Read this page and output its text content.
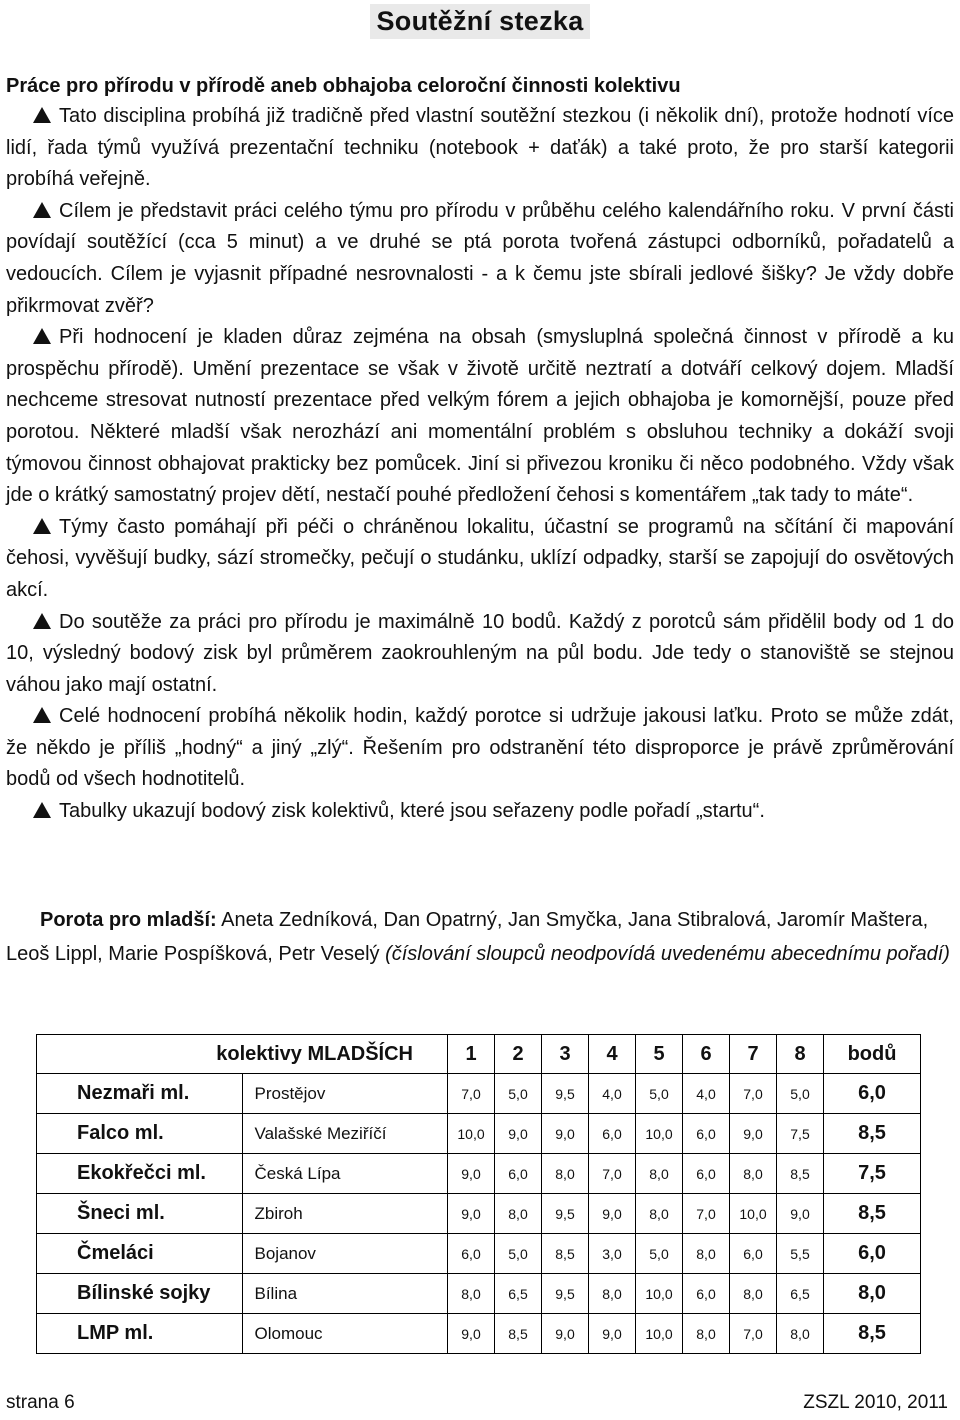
Soutěžní stezka
Práce pro přírodu v přírodě aneb obhajoba celoroční činnosti kolektivu

Tato disciplina probíhá již tradičně před vlastní soutěžní stezkou (i několik dní), protože hodnotí více lidí, řada týmů využívá prezentační techniku (notebook + daťák) a také proto, že pro starší kategorii probíhá veřejně.

Cílem je představit práci celého týmu pro přírodu v průběhu celého kalendářního roku. V první části povídají soutěžící (cca 5 minut) a ve druhé se ptá porota tvořená zástupci odborníků, pořadatelů a vedoucích. Cílem je vyjasnit případné nesrovnalosti - a k čemu jste sbírali jedlové šišky? Je vždy dobře přikrmovat zvěř?

Při hodnocení je kladen důraz zejména na obsah (smysluplná společná činnost v přírodě a ku prospěchu přírodě). Umění prezentace se však v životě určitě neztratí a dotváří celkový dojem. Mladší nechceme stresovat nutností prezentace před velkým fórem a jejich obhajoba je komornější, pouze před porotou. Některé mladší však nerozhází ani momentální problém s obsluhou techniky a dokáží svoji týmovou činnost obhajovat prakticky bez pomůcek. Jiní si přivezou kroniku či něco podobného. Vždy však jde o krátký samostatný projev dětí, nestačí pouhé předložení čehosi s komentářem „tak tady to máte“.

Týmy často pomáhají při péči o chráněnou lokalitu, účastní se programů na sčítání či mapování čehosi, vyvěšují budky, sází stromečky, pečují o studánku, uklízí odpadky, starší se zapojují do osvětových akcí.

Do soutěže za práci pro přírodu je maximálně 10 bodů. Každý z porotců sám přidělil body od 1 do 10, výsledný bodový zisk byl průměrem zaokrouhleným na půl bodu. Jde tedy o stanoviště se stejnou váhou jako mají ostatní.

Celé hodnocení probíhá několik hodin, každý porotce si udržuje jakousi laťku. Proto se může zdát, že někdo je příliš „hodný“ a jiný „zlý“. Řešením pro odstranění této disproporce je právě zprůměrování bodů od všech hodnotitelů.

Tabulky ukazují bodový zisk kolektivů, které jsou seřazeny podle pořadí „startu“.

Porota pro mladší: Aneta Zedníková, Dan Opatrný, Jan Smyčka, Jana Stibralová, Jaromír Maštera, Leoš Lippl, Marie Pospíšková, Petr Veselý (číslování sloupců neodpovídá uvedenému abecednímu pořadí)
kolektivy MLADŠÍCH		1	2	3	4	5	6	7	8	bodů
Nezmaři ml.	Prostějov	7,0	5,0	9,5	4,0	5,0	4,0	7,0	5,0	6,0
Falco ml.	Valašské Meziříčí	10,0	9,0	9,0	6,0	10,0	6,0	9,0	7,5	8,5
Ekokřečci ml.	Česká Lípa	9,0	6,0	8,0	7,0	8,0	6,0	8,0	8,5	7,5
Šneci ml.	Zbiroh	9,0	8,0	9,5	9,0	8,0	7,0	10,0	9,0	8,5
Čmeláci	Bojanov	6,0	5,0	8,5	3,0	5,0	8,0	6,0	5,5	6,0
Bílinské sojky	Bílina	8,0	6,5	9,5	8,0	10,0	6,0	8,0	6,5	8,0
LMP ml.	Olomouc	9,0	8,5	9,0	9,0	10,0	8,0	7,0	8,0	8,5
strana 6	ZSZL 2010, 2011
